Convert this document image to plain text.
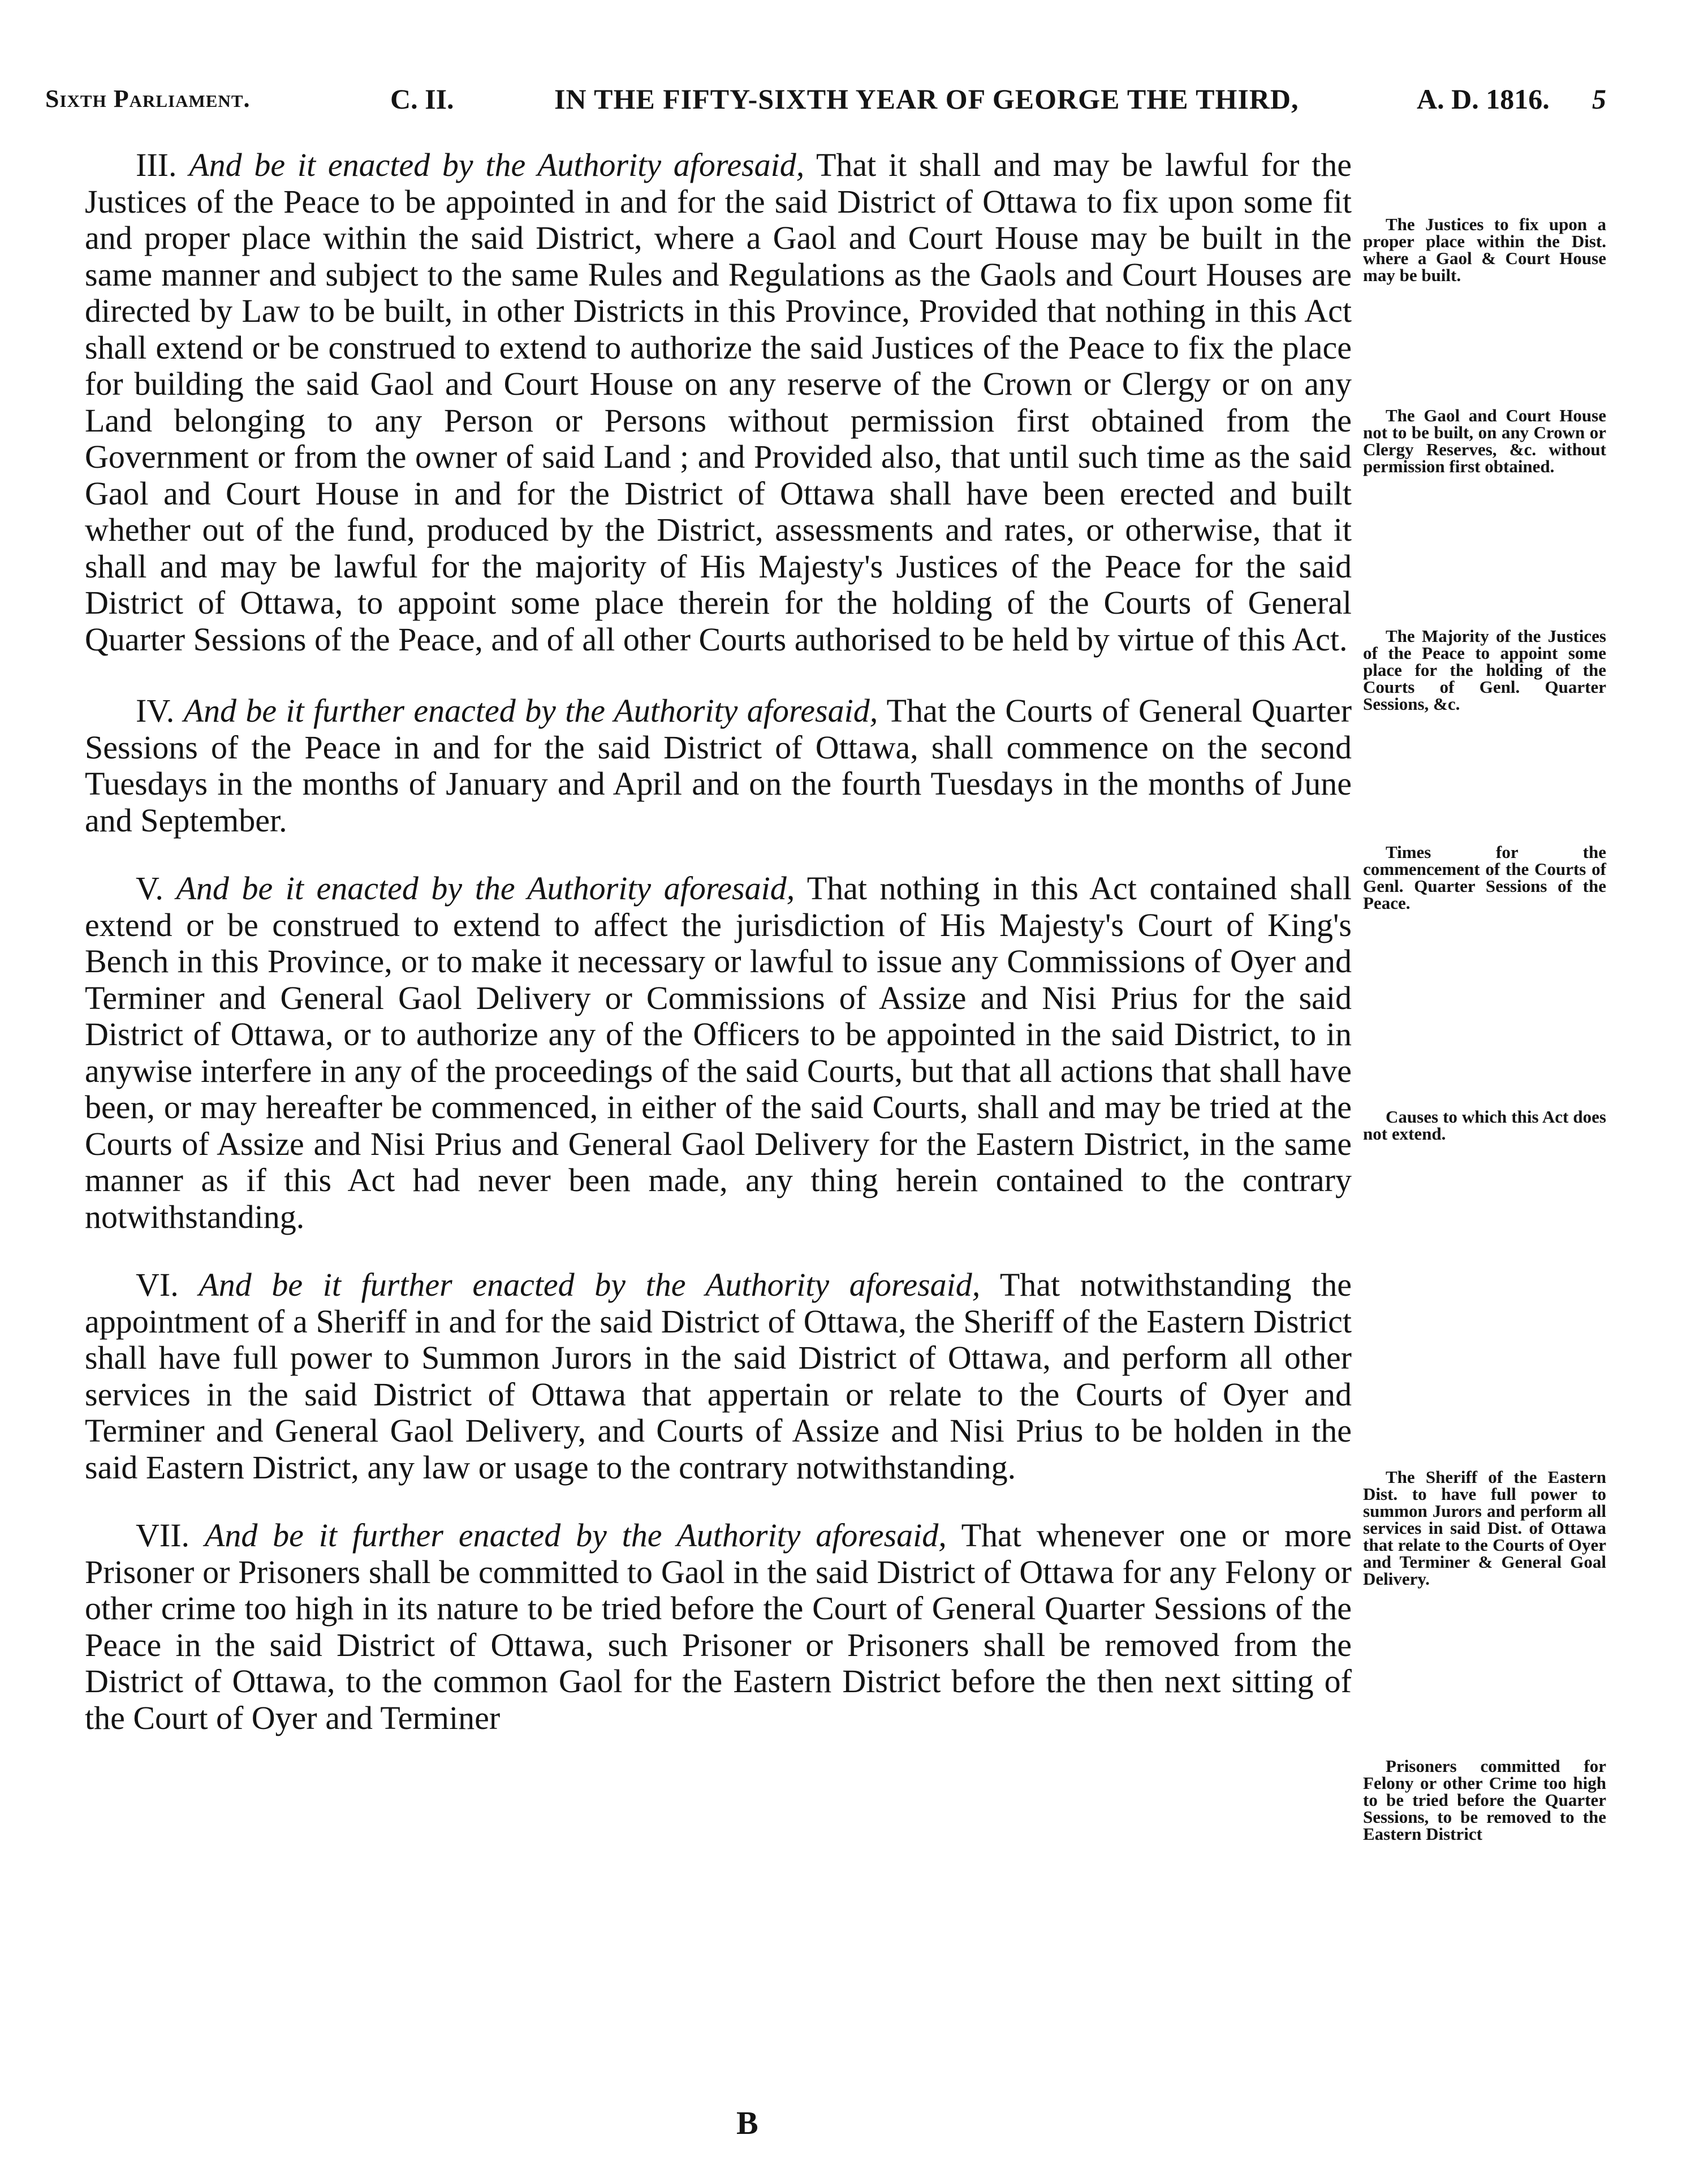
Sixth Parliament.	C. II.	IN THE FIFTY-SIXTH YEAR OF GEORGE THE THIRD,	A. D. 1816. 5

III. And be it enacted by the Authority aforesaid, That it shall and may be lawful for the Justices of the Peace to be appointed in and for the said District of Ottawa to fix upon some fit and proper place within the said District, where a Gaol and Court House may be built in the same manner and subject to the same Rules and Regulations as the Gaols and Court Houses are directed by Law to be built, in other Districts in this Province, Provided that nothing in this Act shall extend or be construed to extend to authorize the said Justices of the Peace to fix the place for building the said Gaol and Court House on any reserve of the Crown or Clergy or on any Land belonging to any Person or Persons without permission first obtained from the Government or from the owner of said Land ; and Provided also, that until such time as the said Gaol and Court House in and for the District of Ottawa shall have been erected and built whether out of the fund, produced by the District, assessments and rates, or otherwise, that it shall and may be lawful for the majority of His Majesty's Justices of the Peace for the said District of Ottawa, to appoint some place therein for the holding of the Courts of General Quarter Sessions of the Peace, and of all other Courts authorised to be held by virtue of this Act.

IV. And be it further enacted by the Authority aforesaid, That the Courts of General Quarter Sessions of the Peace in and for the said District of Ottawa, shall commence on the second Tuesdays in the months of January and April and on the fourth Tuesdays in the months of June and September.

V. And be it enacted by the Authority aforesaid, That nothing in this Act contained shall extend or be construed to extend to affect the jurisdiction of His Majesty's Court of King's Bench in this Province, or to make it necessary or lawful to issue any Commissions of Oyer and Terminer and General Gaol Delivery or Commissions of Assize and Nisi Prius for the said District of Ottawa, or to authorize any of the Officers to be appointed in the said District, to in anywise interfere in any of the proceedings of the said Courts, but that all actions that shall have been, or may hereafter be commenced, in either of the said Courts, shall and may be tried at the Courts of Assize and Nisi Prius and General Gaol Delivery for the Eastern District, in the same manner as if this Act had never been made, any thing herein contained to the contrary notwithstanding.

VI. And be it further enacted by the Authority aforesaid, That notwithstanding the appointment of a Sheriff in and for the said District of Ottawa, the Sheriff of the Eastern District shall have full power to Summon Jurors in the said District of Ottawa, and perform all other services in the said District of Ottawa that appertain or relate to the Courts of Oyer and Terminer and General Gaol Delivery, and Courts of Assize and Nisi Prius to be holden in the said Eastern District, any law or usage to the contrary notwithstanding.

VII. And be it further enacted by the Authority aforesaid, That whenever one or more Prisoner or Prisoners shall be committed to Gaol in the said District of Ottawa for any Felony or other crime too high in its nature to be tried before the Court of General Quarter Sessions of the Peace in the said District of Ottawa, such Prisoner or Prisoners shall be removed from the District of Ottawa, to the common Gaol for the Eastern District before the then next sitting of the Court of Oyer and Terminer

The Justices to fix upon a proper place within the Dist. where a Gaol & Court House may be built.
The Gaol and Court House not to be built, on any Crown or Clergy Reserves, &c. without permission first obtained.
The Majority of the Justices of the Peace to appoint some place for the holding of the Courts of Genl. Quarter Sessions, &c.
Times for the commencement of the Courts of Genl. Quarter Sessions of the Peace.
Causes to which this Act does not extend.
The Sheriff of the Eastern Dist. to have full power to summon Jurors and perform all services in said Dist. of Ottawa that relate to the Courts of Oyer and Terminer & General Goal Delivery.
Prisoners committed for Felony or other Crime too high to be tried before the Quarter Sessions, to be removed to the Eastern District
B
